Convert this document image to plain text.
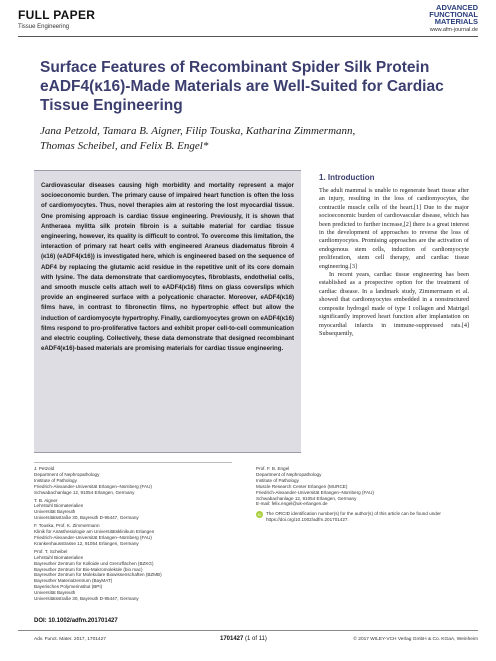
FULL PAPER
Tissue Engineering
ADVANCED
FUNCTIONAL
MATERIALS
www.afm-journal.de
Surface Features of Recombinant Spider Silk Protein eADF4(κ16)-Made Materials are Well-Suited for Cardiac Tissue Engineering
Jana Petzold, Tamara B. Aigner, Filip Touska, Katharina Zimmermann,
Thomas Scheibel, and Felix B. Engel*

Cardiovascular diseases causing high morbidity and mortality represent a major socioeconomic burden. The primary cause of impaired heart function is often the loss of cardiomyocytes. Thus, novel therapies aim at restoring the lost myocardial tissue. One promising approach is cardiac tissue engineering. Previously, it is shown that Antheraea mylitta silk protein fibroin is a suitable material for cardiac tissue engineering, however, its quality is difficult to control. To overcome this limitation, the interaction of primary rat heart cells with engineered Araneus diadematus fibroin 4 (κ16) (eADF4(κ16)) is investigated here, which is engineered based on the sequence of ADF4 by replacing the glutamic acid residue in the repetitive unit of its core domain with lysine. The data demonstrate that cardiomyocytes, fibroblasts, endothelial cells, and smooth muscle cells attach well to eADF4(κ16) films on glass coverslips which provide an engineered surface with a polycationic character. Moreover, eADF4(κ16) films have, in contrast to fibronectin films, no hypertrophic effect but allow the induction of cardiomyocyte hypertrophy. Finally, cardiomyocytes grown on eADF4(κ16) films respond to pro-proliferative factors and exhibit proper cell-to-cell communication and electric coupling. Collectively, these data demonstrate that designed recombinant eADF4(κ16)-based materials are promising materials for cardiac tissue engineering.

1. Introduction

The adult mammal is unable to regenerate heart tissue after an injury, resulting in the loss of cardiomyocytes, the contractile muscle cells of the heart.[1] Due to the major socioeconomic burden of cardiovascular disease, which has been predicted to further increase,[2] there is a great interest in the development of approaches to reverse the loss of cardiomyocytes. Promising approaches are the activation of endogenous stem cells, induction of cardiomyocyte proliferation, stem cell therapy, and cardiac tissue engineering.[3]

In recent years, cardiac tissue engineering has been established as a prospective option for the treatment of cardiac disease. In a landmark study, Zimmermann et al. showed that cardiomyocytes embedded in a nonstructured composite hydrogel made of type I collagen and Matrigel significantly improved heart function after implantation on myocardial infarcts in immune-suppressed rats.[4] Subsequently,

J. Petzold

Department of Nephropathology

Institute of Pathology

Friedrich-Alexander-Universität Erlangen–Nürnberg (FAU)

Schwabachanlage 12, 91054 Erlangen, Germany

T. B. Aigner

Lehrstuhl Biomaterialien

Universität Bayreuth

Universitätsstraße 30, Bayreuth D-95447, Germany

F. Touska, Prof. K. Zimmermann

Klinik für Anästhesiologie am Universitätsklinikum Erlangen

Friedrich-Alexander-Universität Erlangen–Nürnberg (FAU)

Krankenhausstrasse 12, 91054 Erlangen, Germany

Prof. T. Scheibel

Lehrstuhl Biomaterialien

Bayreuther Zentrum für Kolloide und Grenzflächen (BZKG)

Bayreuther Zentrum für Bio-Makromoleküle (bio mac)

Bayreuther Zentrum für Molekulare Biowissenschaften (BZMB)

Bayreuther Materialzentrum (BayMAT)

Bayerisches Polymerinstitut (BPI)

Universität Bayreuth

Universitätsstraße 30, Bayreuth D-95447, Germany

Prof. F. B. Engel

Department of Nephropathology

Institute of Pathology

Muscle Research Center Erlangen (MURCE)

Friedrich-Alexander-Universität Erlangen–Nürnberg (FAU)

Schwabachanlage 12, 91054 Erlangen, Germany

E-mail: felix.engel@uk-erlangen.de

iD	The ORCID identification number(s) for the author(s) of this article can be found under https://doi.org/10.1002/adfm.201701427.
DOI: 10.1002/adfm.201701427
Adv. Funct. Mater. 2017, 1701427	1701427 (1 of 11)	© 2017 WILEY-VCH Verlag GmbH & Co. KGaA, Weinheim
